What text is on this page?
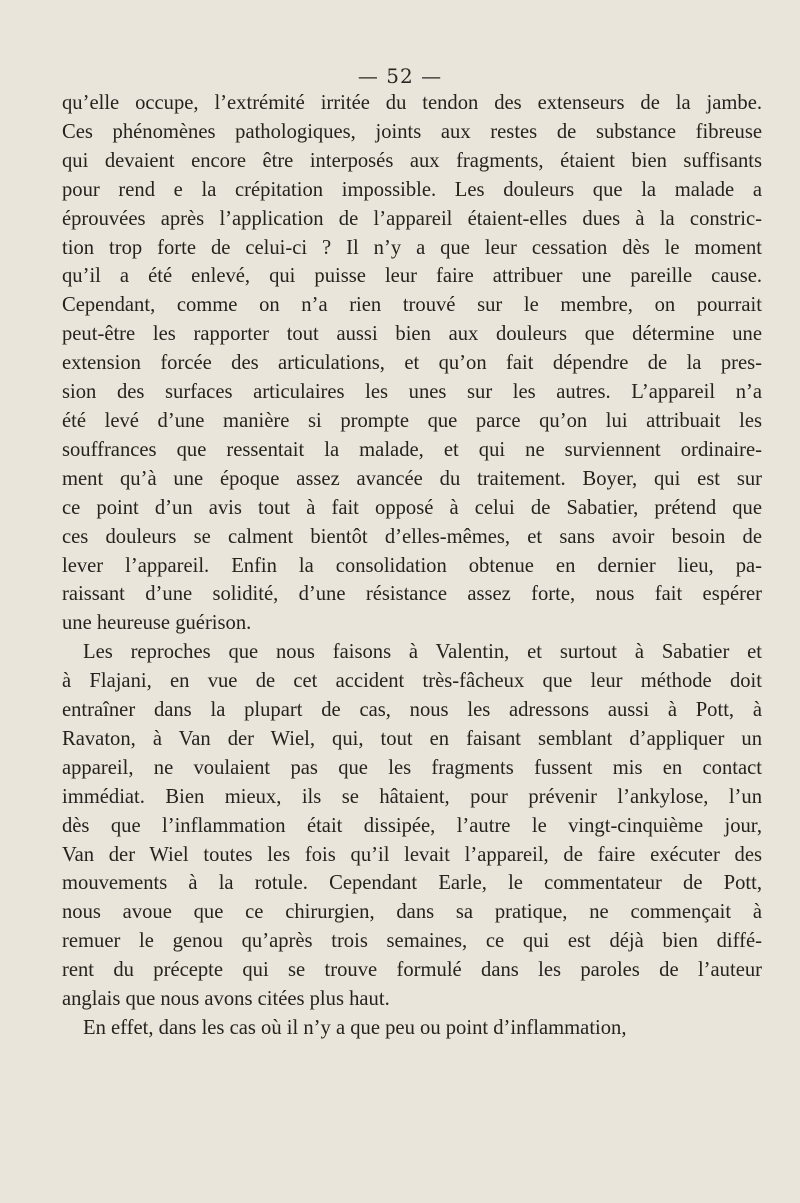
— 52 —
qu’elle occupe, l’extrémité irritée du tendon des extenseurs de la jambe.
Ces phénomènes pathologiques, joints aux restes de substance fibreuse
qui devaient encore être interposés aux fragments, étaient bien suffisants
pour rend e la crépitation impossible. Les douleurs que la malade a
éprouvées après l’application de l’appareil étaient-elles dues à la constric-
tion trop forte de celui-ci ? Il n’y a que leur cessation dès le moment
qu’il a été enlevé, qui puisse leur faire attribuer une pareille cause.
Cependant, comme on n’a rien trouvé sur le membre, on pourrait
peut-être les rapporter tout aussi bien aux douleurs que détermine une
extension forcée des articulations, et qu’on fait dépendre de la pres-
sion des surfaces articulaires les unes sur les autres. L’appareil n’a
été levé d’une manière si prompte que parce qu’on lui attribuait les
souffrances que ressentait la malade, et qui ne surviennent ordinaire-
ment qu’à une époque assez avancée du traitement. Boyer, qui est sur
ce point d’un avis tout à fait opposé à celui de Sabatier, prétend que
ces douleurs se calment bientôt d’elles-mêmes, et sans avoir besoin de
lever l’appareil. Enfin la consolidation obtenue en dernier lieu, pa-
raissant d’une solidité, d’une résistance assez forte, nous fait espérer
une heureuse guérison.
Les reproches que nous faisons à Valentin, et surtout à Sabatier et
à Flajani, en vue de cet accident très-fâcheux que leur méthode doit
entraîner dans la plupart de cas, nous les adressons aussi à Pott, à
Ravaton, à Van der Wiel, qui, tout en faisant semblant d’appliquer un
appareil, ne voulaient pas que les fragments fussent mis en contact
immédiat. Bien mieux, ils se hâtaient, pour prévenir l’ankylose, l’un
dès que l’inflammation était dissipée, l’autre le vingt-cinquième jour,
Van der Wiel toutes les fois qu’il levait l’appareil, de faire exécuter des
mouvements à la rotule. Cependant Earle, le commentateur de Pott,
nous avoue que ce chirurgien, dans sa pratique, ne commençait à
remuer le genou qu’après trois semaines, ce qui est déjà bien diffé-
rent du précepte qui se trouve formulé dans les paroles de l’auteur
anglais que nous avons citées plus haut.
En effet, dans les cas où il n’y a que peu ou point d’inflammation,
